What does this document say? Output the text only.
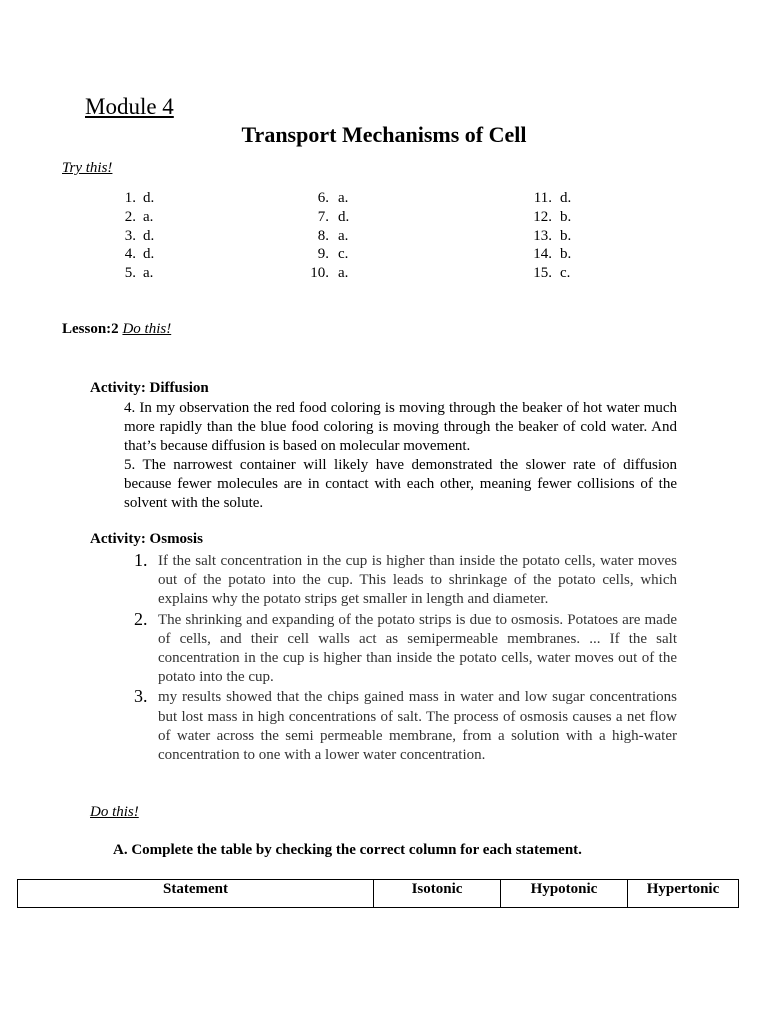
Module 4
Transport Mechanisms of Cell
Try this!
1. d.
2. a.
3. d.
4. d.
5. a.
6. a.
7. d.
8. a.
9. c.
10. a.
11. d.
12. b.
13. b.
14. b.
15. c.
Lesson:2 Do this!
Activity: Diffusion
4. In my observation the red food coloring is moving through the beaker of hot water much more rapidly than the blue food coloring is moving through the beaker of cold water. And that’s because diffusion is based on molecular movement.
5. The narrowest container will likely have demonstrated the slower rate of diffusion because fewer molecules are in contact with each other, meaning fewer collisions of the solvent with the solute.
Activity: Osmosis
1. If the salt concentration in the cup is higher than inside the potato cells, water moves out of the potato into the cup. This leads to shrinkage of the potato cells, which explains why the potato strips get smaller in length and diameter.
2. The shrinking and expanding of the potato strips is due to osmosis. Potatoes are made of cells, and their cell walls act as semipermeable membranes. ... If the salt concentration in the cup is higher than inside the potato cells, water moves out of the potato into the cup.
3. my results showed that the chips gained mass in water and low sugar concentrations but lost mass in high concentrations of salt. The process of osmosis causes a net flow of water across the semi permeable membrane, from a solution with a high-water concentration to one with a lower water concentration.
Do this!
A. Complete the table by checking the correct column for each statement.
Statement	Isotonic	Hypotonic	Hypertonic
